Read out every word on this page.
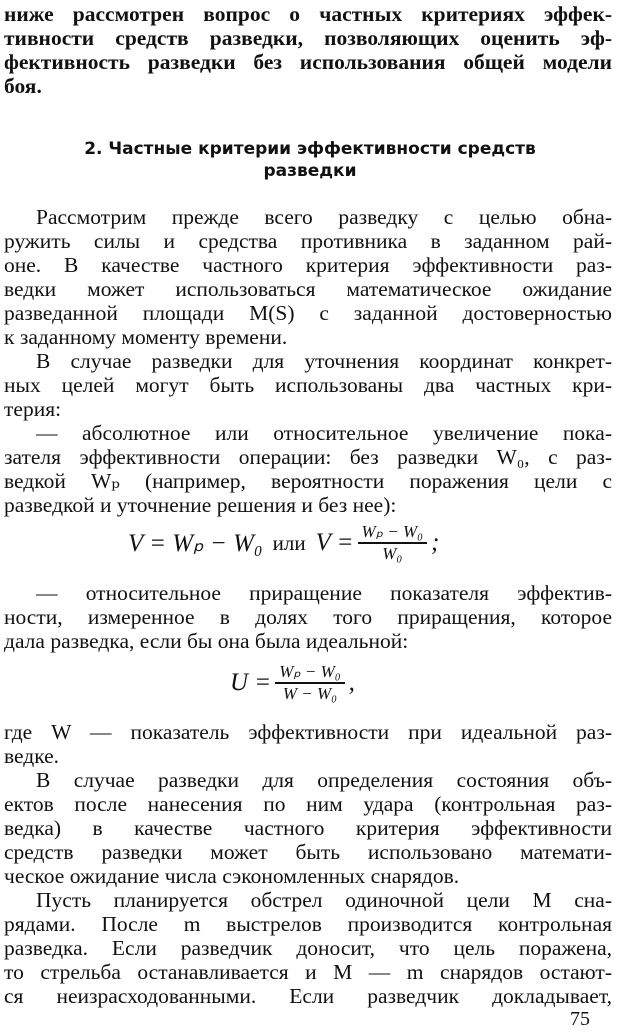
ниже рассмотрен вопрос о частных критериях эффек-
тивности средств разведки, позволяющих оценить эф-
фективность разведки без использования общей модели
боя.
2. Частные критерии эффективности средств
разведки
Рассмотрим прежде всего разведку с целью обна-
ружить силы и средства противника в заданном рай-
оне. В качестве частного критерия эффективности раз-
ведки может использоваться математическое ожидание
разведанной площади M(S) с заданной достоверностью
к заданному моменту времени.
В случае разведки для уточнения координат конкрет-
ных целей могут быть использованы два частных кри-
терия:
— абсолютное или относительное увеличение пока-
зателя эффективности операции: без разведки W₀, с раз-
ведкой Wₚ (например, вероятности поражения цели с
разведкой и уточнение решения и без нее):
V = Wₚ − W₀ или $V = \frac{\text{Wₚ − W₀}}{\text{W₀}}$ ;
— относительное приращение показателя эффектив-
ности, измеренное в долях того приращения, которое
дала разведка, если бы она была идеальной:
$U = \frac{\text{Wₚ − W₀}}{\text{W − W₀}}$ ,
где W — показатель эффективности при идеальной раз-
ведке.
В случае разведки для определения состояния объ-
ектов после нанесения по ним удара (контрольная раз-
ведка) в качестве частного критерия эффективности
средств разведки может быть использовано математи-
ческое ожидание числа сэкономленных снарядов.
Пусть планируется обстрел одиночной цели M сна-
рядами. После m выстрелов производится контрольная
разведка. Если разведчик доносит, что цель поражена,
то стрельба останавливается и M — m снарядов остают-
ся неизрасходованными. Если разведчик докладывает,
75
